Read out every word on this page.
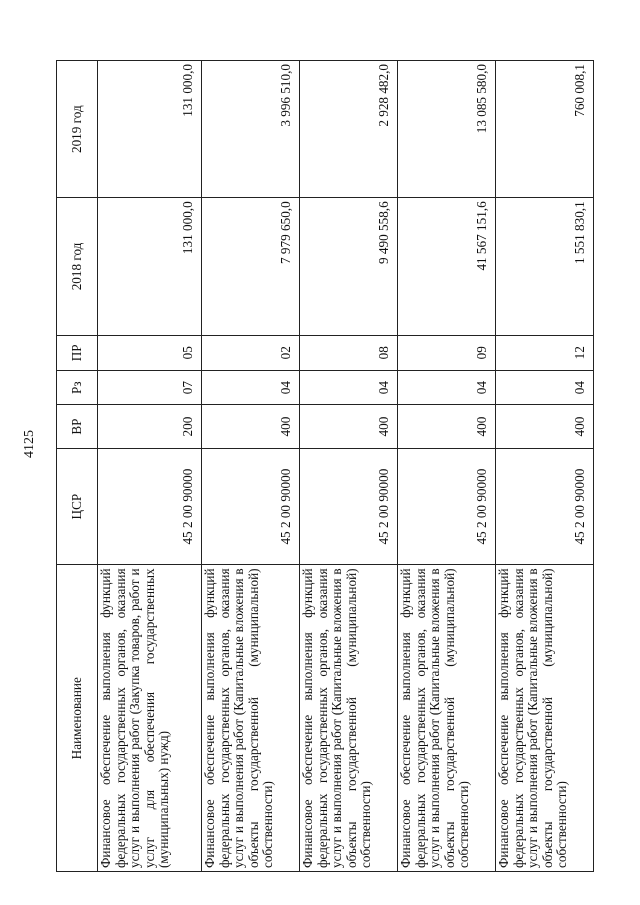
4125
Наименование	ЦСР	ВР	Рз	ПР	2018 год	2019 год
Финансовое обеспечение выполнения функций федеральных государственных органов, оказания услуг и выполнения работ (Закупка товаров, работ и услуг для обеспечения государственных (муниципальных) нужд)	45 2 00 90000	200	07	05	131 000,0	131 000,0
Финансовое обеспечение выполнения функций федеральных государственных органов, оказания услуг и выполнения работ (Капитальные вложения в объекты государственной (муниципальной) собственности)	45 2 00 90000	400	04	02	7 979 650,0	3 996 510,0
Финансовое обеспечение выполнения функций федеральных государственных органов, оказания услуг и выполнения работ (Капитальные вложения в объекты государственной (муниципальной) собственности)	45 2 00 90000	400	04	08	9 490 558,6	2 928 482,0
Финансовое обеспечение выполнения функций федеральных государственных органов, оказания услуг и выполнения работ (Капитальные вложения в объекты государственной (муниципальной) собственности)	45 2 00 90000	400	04	09	41 567 151,6	13 085 580,0
Финансовое обеспечение выполнения функций федеральных государственных органов, оказания услуг и выполнения работ (Капитальные вложения в объекты государственной (муниципальной) собственности)	45 2 00 90000	400	04	12	1 551 830,1	760 008,1
